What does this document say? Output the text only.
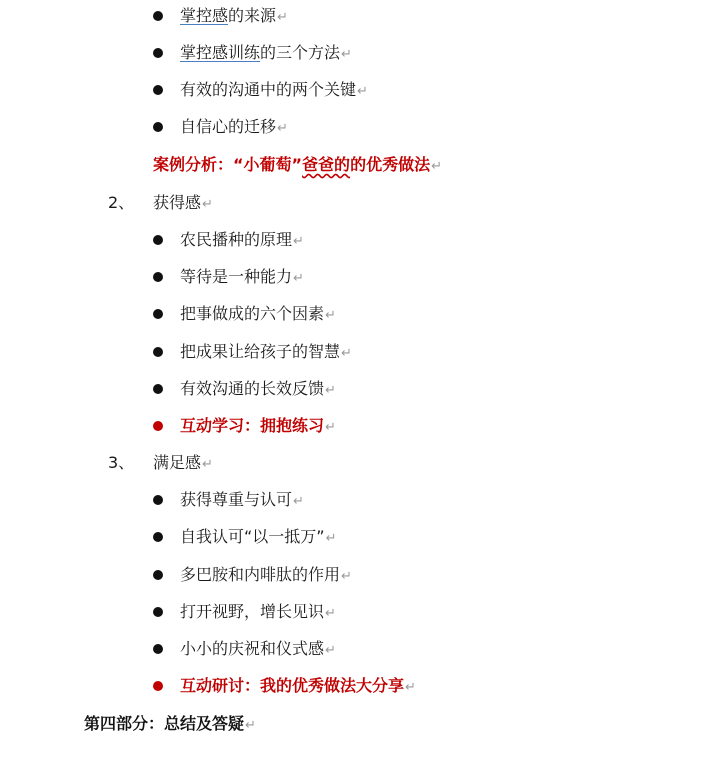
掌控感的来源↵
掌控感训练的三个方法↵
有效的沟通中的两个关键↵
自信心的迁移↵
案例分析：“小葡萄”爸爸的的优秀做法↵
2、 获得感↵
农民播种的原理↵
等待是一种能力↵
把事做成的六个因素↵
把成果让给孩子的智慧↵
有效沟通的长效反馈↵
互动学习：拥抱练习↵
3、 满足感↵
获得尊重与认可↵
自我认可“以一抵万”↵
多巴胺和内啡肽的作用↵
打开视野，增长见识↵
小小的庆祝和仪式感↵
互动研讨：我的优秀做法大分享↵
第四部分：总结及答疑↵
